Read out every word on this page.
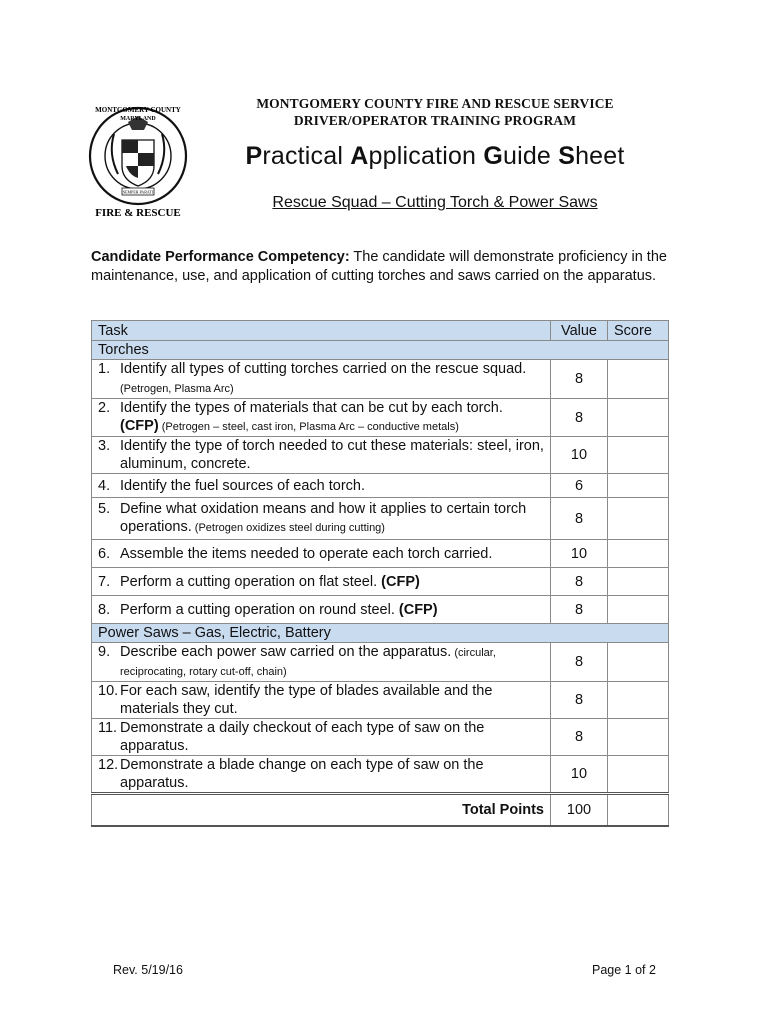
MONTGOMERY COUNTY
MARYLAND
SEMPER PARATI
FIRE & RESCUE
MONTGOMERY COUNTY FIRE AND RESCUE SERVICE
DRIVER/OPERATOR TRAINING PROGRAM
Practical Application Guide Sheet
Rescue Squad – Cutting Torch & Power Saws
Candidate Performance Competency: The candidate will demonstrate proficiency in the maintenance, use, and application of cutting torches and saws carried on the apparatus.
Task	Value	Score
Torches		

1. Identify all types of cutting torches carried on the rescue squad. (Petrogen, Plasma Arc)	8	

2. Identify the types of materials that can be cut by each torch. (CFP) (Petrogen – steel, cast iron, Plasma Arc – conductive metals)	8	

3. Identify the type of torch needed to cut these materials: steel, iron, aluminum, concrete.	10	

4. Identify the fuel sources of each torch.	6	

5. Define what oxidation means and how it applies to certain torch operations. (Petrogen oxidizes steel during cutting)	8	

6. Assemble the items needed to operate each torch carried.	10	

7. Perform a cutting operation on flat steel. (CFP)	8	

8. Perform a cutting operation on round steel. (CFP)	8	
Power Saws – Gas, Electric, Battery		

9. Describe each power saw carried on the apparatus. (circular, reciprocating, rotary cut-off, chain)	8	

10. For each saw, identify the type of blades available and the materials they cut.	8	

11. Demonstrate a daily checkout of each type of saw on the apparatus.	8	

12. Demonstrate a blade change on each type of saw on the apparatus.	10	
Total Points	100	
Rev. 5/19/16	Page 1 of 2
